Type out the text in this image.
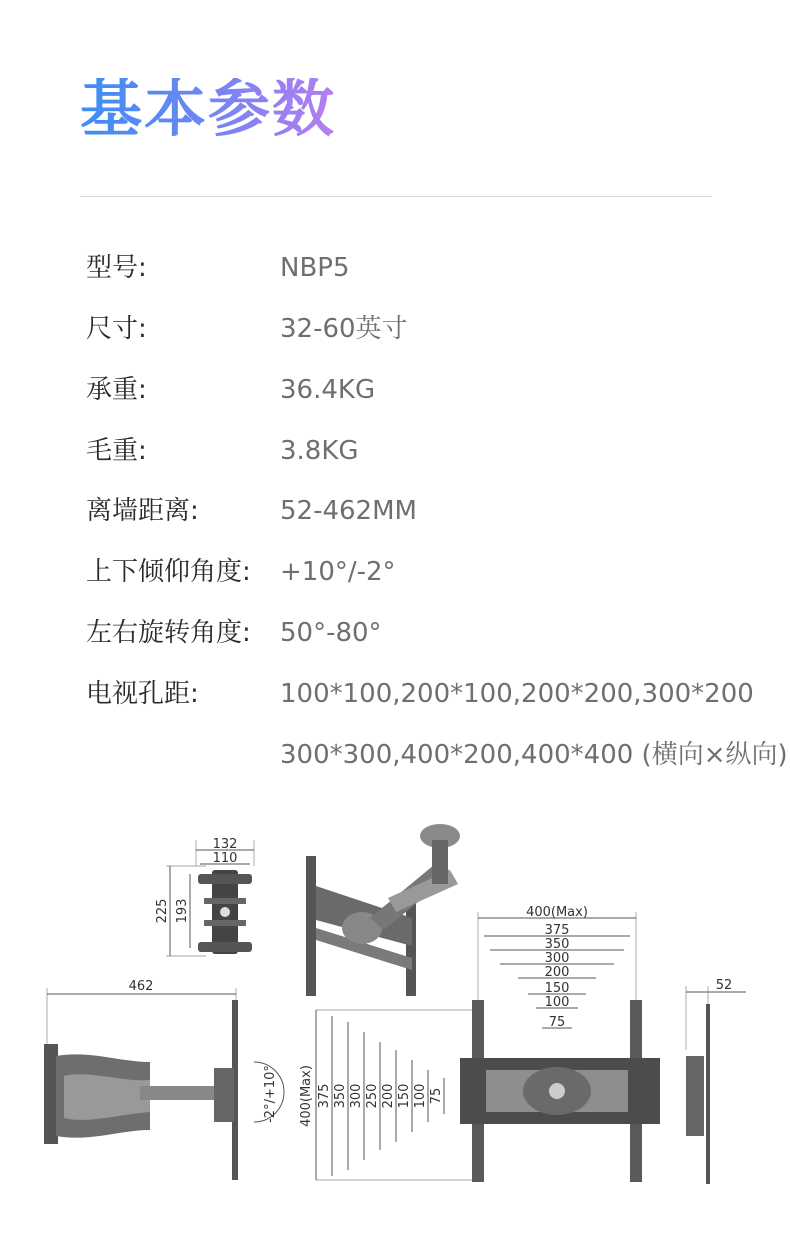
基本参数
型号:	NBP5
尺寸:	32-60英寸
承重:	36.4KG
毛重:	3.8KG
离墙距离:	52-462MM
上下倾仰角度: +10°/-2°
左右旋转角度: 50°-80°
电视孔距:	100*100,200*100,200*200,300*200
300*300,400*200,400*400 (横向×纵向)
132
110
225 193
462
-2°/+10°
400(Max)
375
350
300
200
150
100
75
400(Max) 375 350 300 250 200 150 100 75
52
